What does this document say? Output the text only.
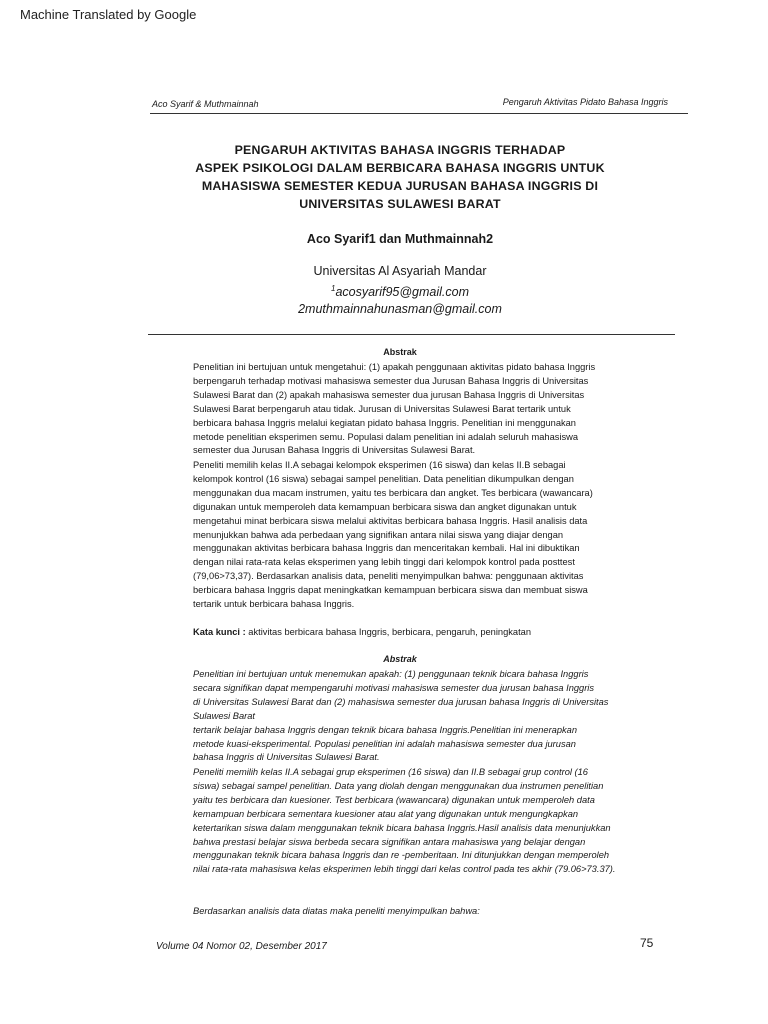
Machine Translated by Google
Aco Syarif & Muthmainnah	Pengaruh Aktivitas Pidato Bahasa Inggris
PENGARUH AKTIVITAS BAHASA INGGRIS TERHADAP
ASPEK PSIKOLOGI DALAM BERBICARA BAHASA INGGRIS UNTUK
MAHASISWA SEMESTER KEDUA JURUSAN BAHASA INGGRIS DI
UNIVERSITAS SULAWESI BARAT
Aco Syarif1 dan Muthmainnah2
Universitas Al Asyariah Mandar
$^1$acosyarif95@gmail.com
2muthmainnahunasman@gmail.com
Abstrak
Penelitian ini bertujuan untuk mengetahui: (1) apakah penggunaan aktivitas pidato bahasa Inggris
berpengaruh terhadap motivasi mahasiswa semester dua Jurusan Bahasa Inggris di Universitas
Sulawesi Barat dan (2) apakah mahasiswa semester dua jurusan Bahasa Inggris di Universitas
Sulawesi Barat berpengaruh atau tidak. Jurusan di Universitas Sulawesi Barat tertarik untuk
berbicara bahasa Inggris melalui kegiatan pidato bahasa Inggris. Penelitian ini menggunakan
metode penelitian eksperimen semu. Populasi dalam penelitian ini adalah seluruh mahasiswa
semester dua Jurusan Bahasa Inggris di Universitas Sulawesi Barat.
Peneliti memilih kelas II.A sebagai kelompok eksperimen (16 siswa) dan kelas II.B sebagai
kelompok kontrol (16 siswa) sebagai sampel penelitian. Data penelitian dikumpulkan dengan
menggunakan dua macam instrumen, yaitu tes berbicara dan angket. Tes berbicara (wawancara)
digunakan untuk memperoleh data kemampuan berbicara siswa dan angket digunakan untuk
mengetahui minat berbicara siswa melalui aktivitas berbicara bahasa Inggris. Hasil analisis data
menunjukkan bahwa ada perbedaan yang signifikan antara nilai siswa yang diajar dengan
menggunakan aktivitas berbicara bahasa Inggris dan menceritakan kembali. Hal ini dibuktikan
dengan nilai rata-rata kelas eksperimen yang lebih tinggi dari kelompok kontrol pada posttest
(79,06>73,37). Berdasarkan analisis data, peneliti menyimpulkan bahwa: penggunaan aktivitas
berbicara bahasa Inggris dapat meningkatkan kemampuan berbicara siswa dan membuat siswa
tertarik untuk berbicara bahasa Inggris.
Kata kunci : aktivitas berbicara bahasa Inggris, berbicara, pengaruh, peningkatan
Abstrak
Penelitian ini bertujuan untuk menemukan apakah: (1) penggunaan teknik bicara bahasa Inggris
secara signifikan dapat mempengaruhi motivasi mahasiswa semester dua jurusan bahasa Inggris
di Universitas Sulawesi Barat dan (2) mahasiswa semester dua jurusan bahasa Inggris di Universitas
Sulawesi Barat
tertarik belajar bahasa Inggris dengan teknik bicara bahasa Inggris.Penelitian ini menerapkan
metode kuasi-eksperimental. Populasi penelitian ini adalah mahasiswa semester dua jurusan
bahasa Inggris di Universitas Sulawesi Barat.
Peneliti memilih kelas II.A sebagai grup eksperimen (16 siswa) dan II.B sebagai grup control (16
siswa) sebagai sampel penelitian. Data yang diolah dengan menggunakan dua instrumen penelitian
yaitu tes berbicara dan kuesioner. Test berbicara (wawancara) digunakan untuk memperoleh data
kemampuan berbicara sementara kuesioner atau alat yang digunakan untuk mengungkapkan
ketertarikan siswa dalam menggunakan teknik bicara bahasa Inggris.Hasil analisis data menunjukkan
bahwa prestasi belajar siswa berbeda secara signifikan antara mahasiswa yang belajar dengan
menggunakan teknik bicara bahasa Inggris dan re -pemberitaan. Ini ditunjukkan dengan memperoleh
nilai rata-rata mahasiswa kelas eksperimen lebih tinggi dari kelas control pada tes akhir (79.06>73.37).
Berdasarkan analisis data diatas maka peneliti menyimpulkan bahwa:
Volume 04 Nomor 02, Desember 2017	75
